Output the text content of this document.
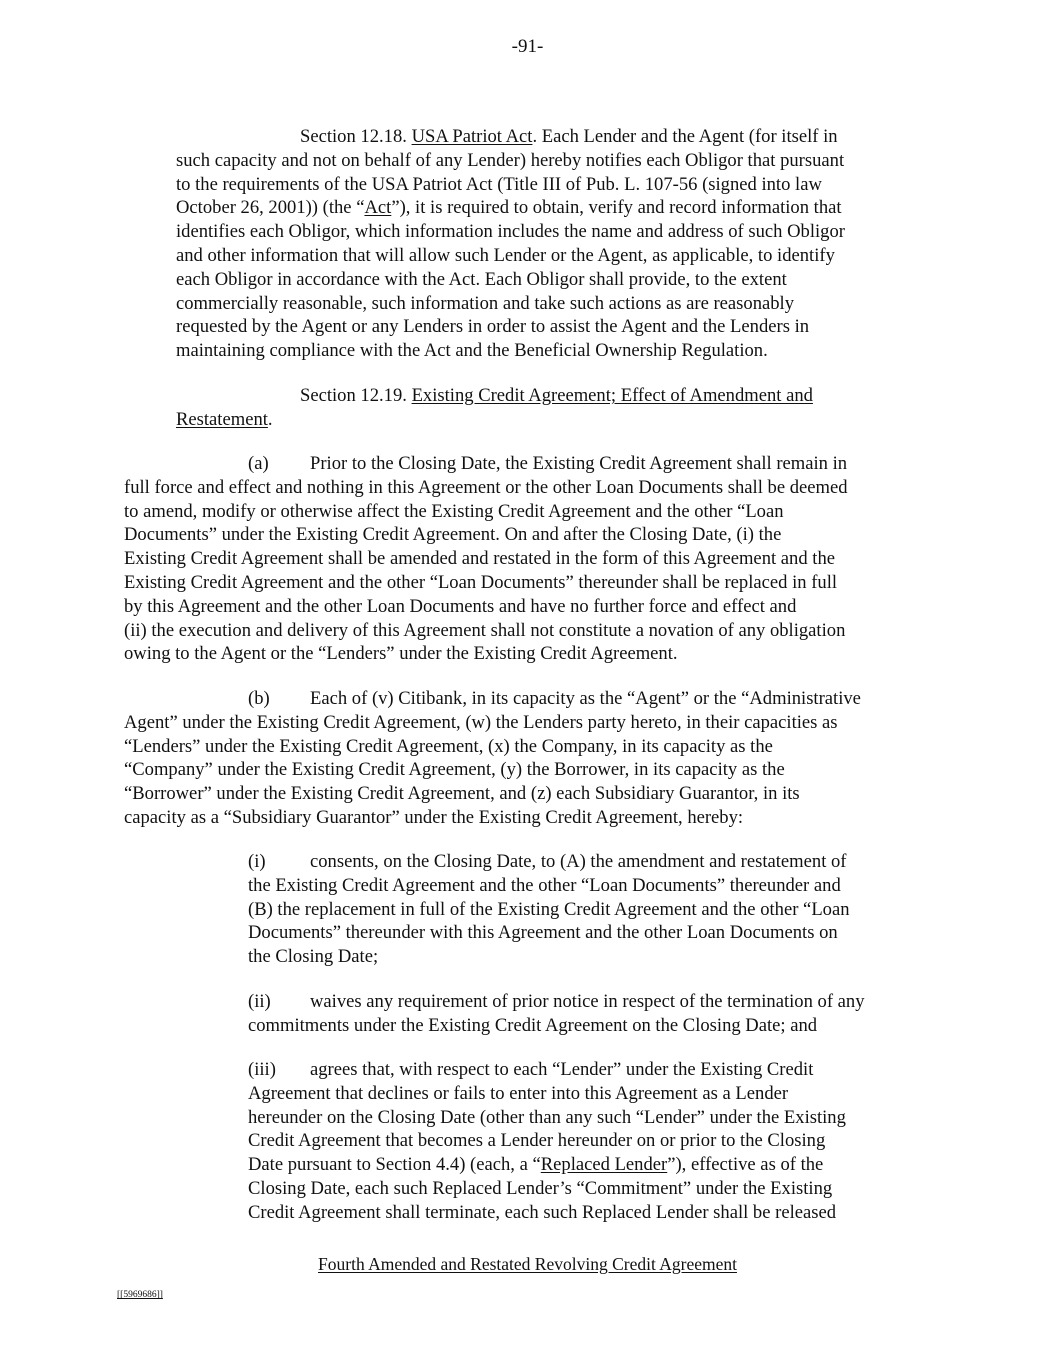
-91-
Section 12.18. USA Patriot Act. Each Lender and the Agent (for itself in
such capacity and not on behalf of any Lender) hereby notifies each Obligor that pursuant
to the requirements of the USA Patriot Act (Title III of Pub. L. 107-56 (signed into law
October 26, 2001)) (the “Act”), it is required to obtain, verify and record information that
identifies each Obligor, which information includes the name and address of such Obligor
and other information that will allow such Lender or the Agent, as applicable, to identify
each Obligor in accordance with the Act. Each Obligor shall provide, to the extent
commercially reasonable, such information and take such actions as are reasonably
requested by the Agent or any Lenders in order to assist the Agent and the Lenders in
maintaining compliance with the Act and the Beneficial Ownership Regulation.
Section 12.19. Existing Credit Agreement; Effect of Amendment and
Restatement.
(a) Prior to the Closing Date, the Existing Credit Agreement shall remain in
full force and effect and nothing in this Agreement or the other Loan Documents shall be deemed
to amend, modify or otherwise affect the Existing Credit Agreement and the other “Loan
Documents” under the Existing Credit Agreement. On and after the Closing Date, (i) the
Existing Credit Agreement shall be amended and restated in the form of this Agreement and the
Existing Credit Agreement and the other “Loan Documents” thereunder shall be replaced in full
by this Agreement and the other Loan Documents and have no further force and effect and
(ii) the execution and delivery of this Agreement shall not constitute a novation of any obligation
owing to the Agent or the “Lenders” under the Existing Credit Agreement.
(b) Each of (v) Citibank, in its capacity as the “Agent” or the “Administrative
Agent” under the Existing Credit Agreement, (w) the Lenders party hereto, in their capacities as
“Lenders” under the Existing Credit Agreement, (x) the Company, in its capacity as the
“Company” under the Existing Credit Agreement, (y) the Borrower, in its capacity as the
“Borrower” under the Existing Credit Agreement, and (z) each Subsidiary Guarantor, in its
capacity as a “Subsidiary Guarantor” under the Existing Credit Agreement, hereby:
(i) consents, on the Closing Date, to (A) the amendment and restatement of
the Existing Credit Agreement and the other “Loan Documents” thereunder and
(B) the replacement in full of the Existing Credit Agreement and the other “Loan
Documents” thereunder with this Agreement and the other Loan Documents on
the Closing Date;
(ii) waives any requirement of prior notice in respect of the termination of any
commitments under the Existing Credit Agreement on the Closing Date; and
(iii) agrees that, with respect to each “Lender” under the Existing Credit
Agreement that declines or fails to enter into this Agreement as a Lender
hereunder on the Closing Date (other than any such “Lender” under the Existing
Credit Agreement that becomes a Lender hereunder on or prior to the Closing
Date pursuant to Section 4.4) (each, a “Replaced Lender”), effective as of the
Closing Date, each such Replaced Lender’s “Commitment” under the Existing
Credit Agreement shall terminate, each such Replaced Lender shall be released
Fourth Amended and Restated Revolving Credit Agreement
[[5969686]]
